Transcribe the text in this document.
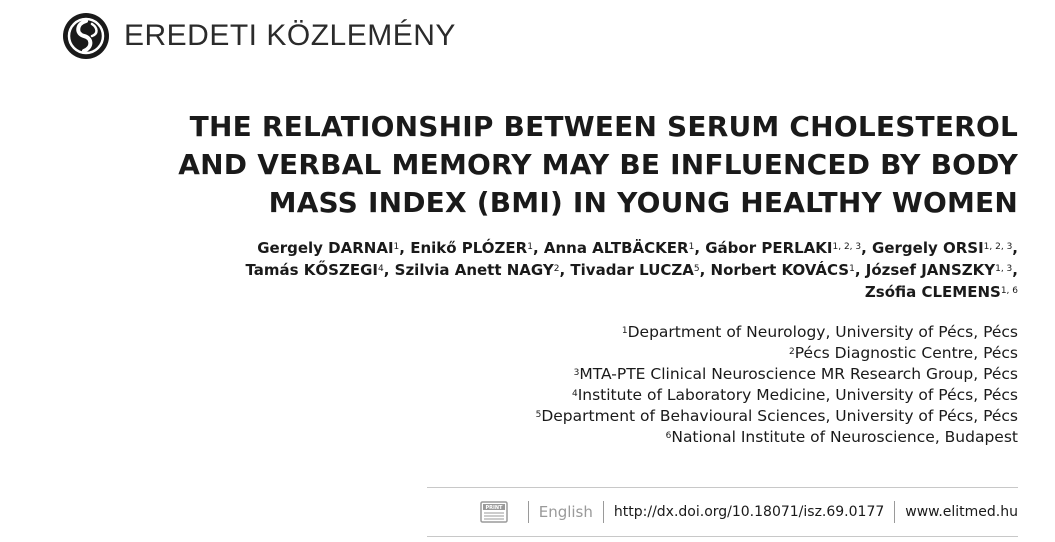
EREDETI KÖZLEMÉNY
THE RELATIONSHIP BETWEEN SERUM CHOLESTEROL
AND VERBAL MEMORY MAY BE INFLUENCED BY BODY
MASS INDEX (BMI) IN YOUNG HEALTHY WOMEN
Gergely DARNAI$^1$, Enikő PLÓZER$^1$, Anna ALTBÄCKER$^1$, Gábor PERLAKI$^{1, 2, 3}$, Gergely ORSI$^{1, 2, 3}$,
Tamás KŐSZEGI$^4$, Szilvia Anett NAGY$^2$, Tivadar LUCZA$^5$, Norbert KOVÁCS$^1$, József JANSZKY$^{1, 3}$,
Zsófia CLEMENS$^{1, 6}$
$^1$Department of Neurology, University of Pécs, Pécs
$^2$Pécs Diagnostic Centre, Pécs
$^3$MTA-PTE Clinical Neuroscience MR Research Group, Pécs
$^4$Institute of Laboratory Medicine, University of Pécs, Pécs
$^5$Department of Behavioural Sciences, University of Pécs, Pécs
$^6$National Institute of Neuroscience, Budapest
PRINT English http://dx.doi.org/10.18071/isz.69.0177 www.elitmed.hu
